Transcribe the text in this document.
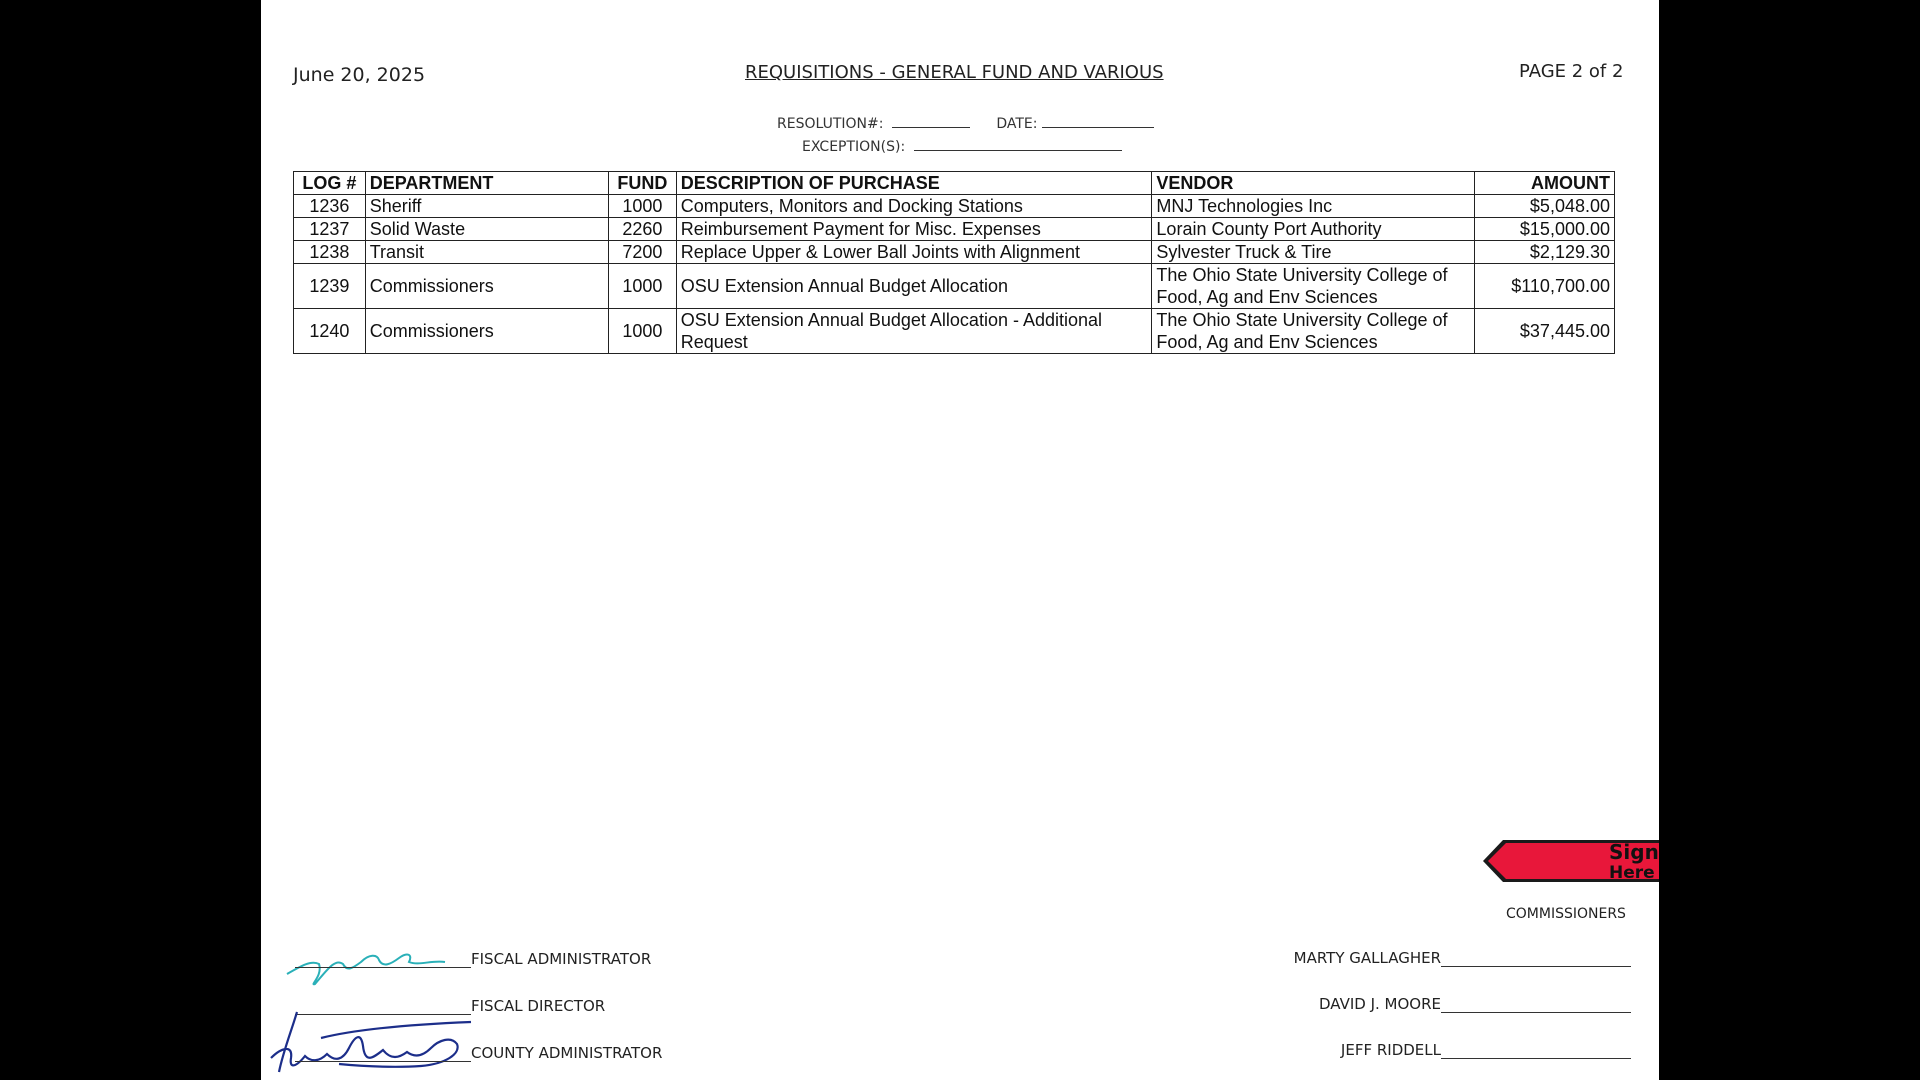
June 20, 2025	REQUISITIONS - GENERAL FUND AND VARIOUS	PAGE 2 of 2
RESOLUTION#:	DATE:
EXCEPTION(S):
LOG #	DEPARTMENT	FUND	DESCRIPTION OF PURCHASE	VENDOR	AMOUNT
1236	Sheriff	1000	Computers, Monitors and Docking Stations	MNJ Technologies Inc	$5,048.00
1237	Solid Waste	2260	Reimbursement Payment for Misc. Expenses	Lorain County Port Authority	$15,000.00
1238	Transit	7200	Replace Upper & Lower Ball Joints with Alignment	Sylvester Truck & Tire	$2,129.30
1239	Commissioners	1000	OSU Extension Annual Budget Allocation	The Ohio State University College of Food, Ag and Env Sciences	$110,700.00
1240	Commissioners	1000	OSU Extension Annual Budget Allocation - Additional Request	The Ohio State University College of Food, Ag and Env Sciences	$37,445.00
Sign
Here
COMMISSIONERS
FISCAL ADMINISTRATOR
FISCAL DIRECTOR
COUNTY ADMINISTRATOR
MARTY GALLAGHER
DAVID J. MOORE
JEFF RIDDELL
